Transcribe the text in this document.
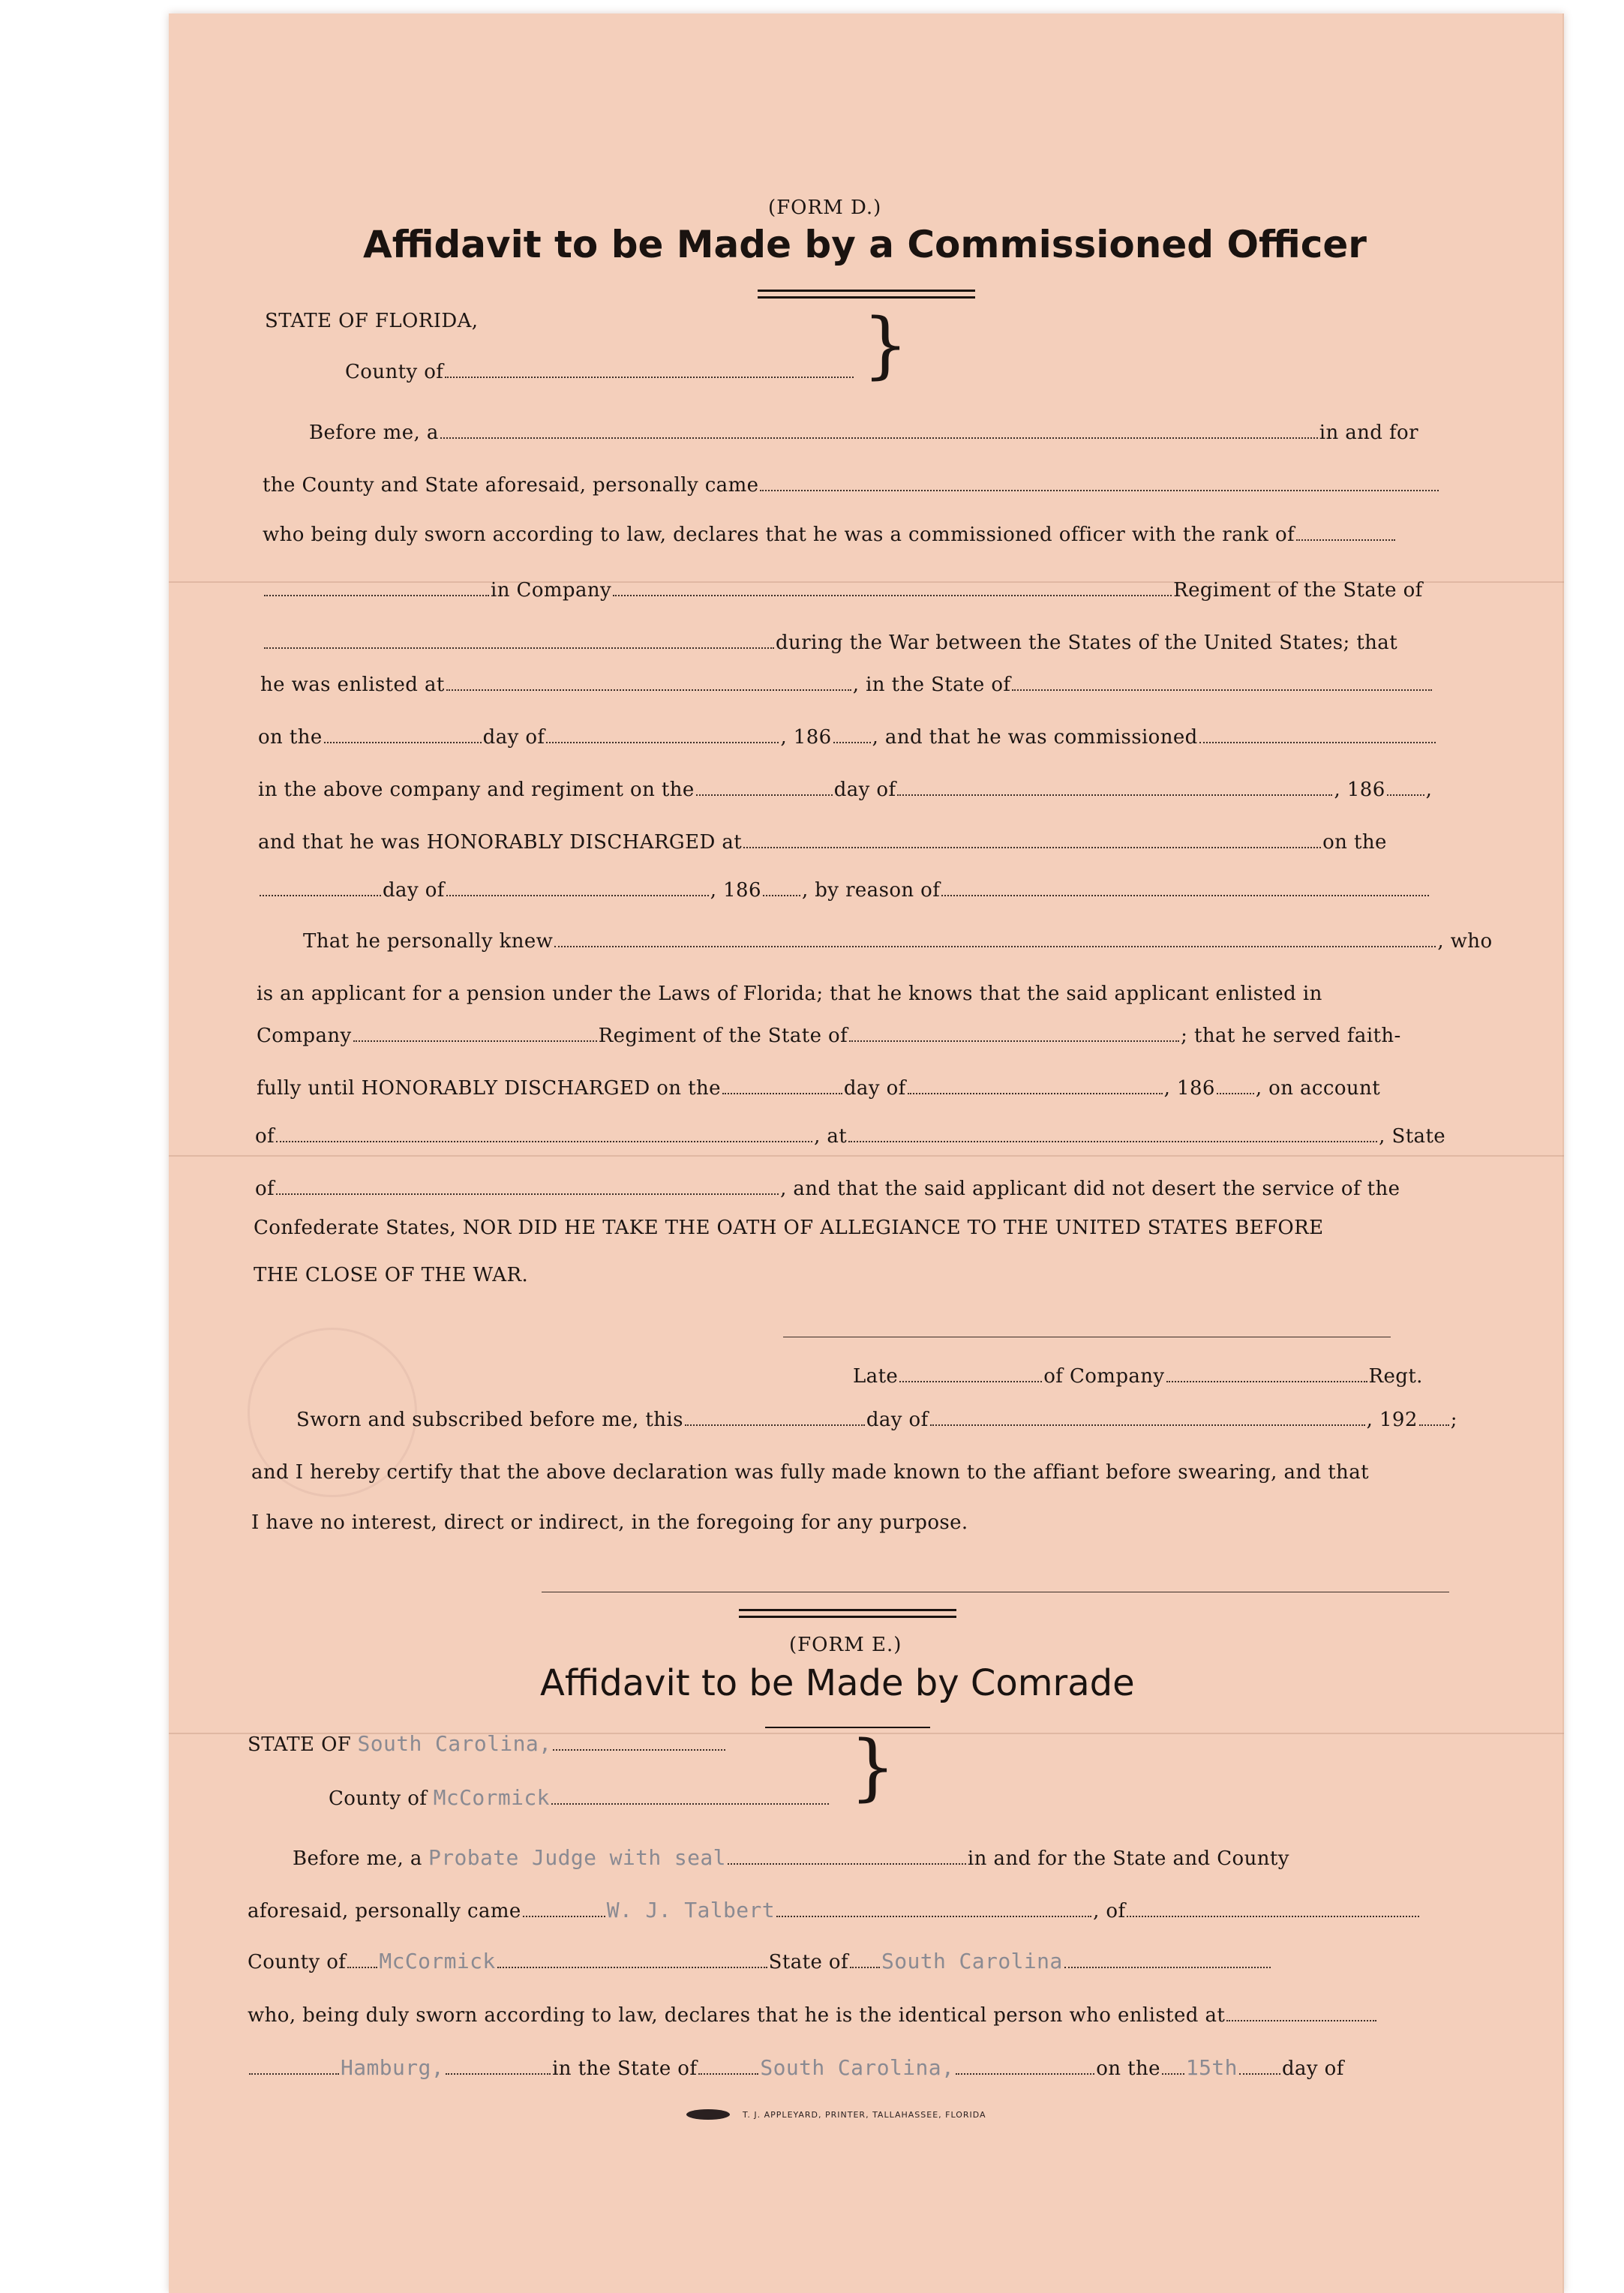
(FORM D.)
Affidavit to be Made by a Commissioned Officer
STATE OF FLORIDA,
County of	}
Before me, a	in and for
the County and State aforesaid, personally came
who being duly sworn according to law, declares that he was a commissioned officer with the rank of
in Company	Regiment of the State of
during the War between the States of the United States; that
he was enlisted at	, in the State of
on the	day of	, 186 , and that he was commissioned
in the above company and regiment on the	day of	, 186 ,
and that he was HONORABLY DISCHARGED at	on the
day of	, 186 , by reason of
That he personally knew	, who
is an applicant for a pension under the Laws of Florida; that he knows that the said applicant enlisted in
Company	Regiment of the State of	; that he served faith-
fully until HONORABLY DISCHARGED on the	day of	, 186 , on account
of	, at	, State
of	, and that the said applicant did not desert the service of the
Confederate States, NOR DID HE TAKE THE OATH OF ALLEGIANCE TO THE UNITED STATES BEFORE
THE CLOSE OF THE WAR.
Late	of Company	Regt.
Sworn and subscribed before me, this	day of	, 192 ;
and I hereby certify that the above declaration was fully made known to the affiant before swearing, and that
I have no interest, direct or indirect, in the foregoing for any purpose.
(FORM E.)
Affidavit to be Made by Comrade
STATE OF South Carolina,
County of McCormick	}
Before me, a Probate Judge with seal	in and for the State and County
aforesaid, personally came	W. J. Talbert	, of
County of McCormick	State of South Carolina
who, being duly sworn according to law, declares that he is the identical person who enlisted at
Hamburg,	in the State of	South Carolina,	on the 15th day of
T. J. APPLEYARD, PRINTER, TALLAHASSEE, FLORIDA
